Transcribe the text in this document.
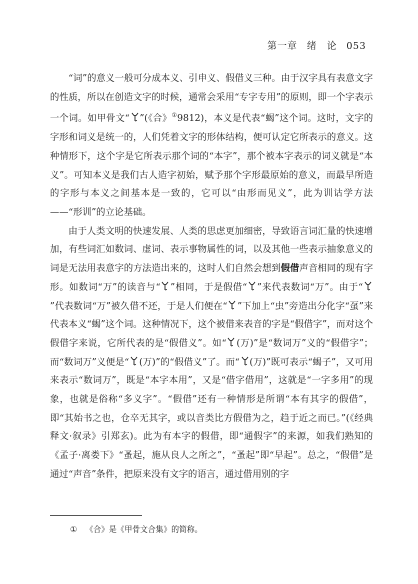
第一章 绪　论 053

“词”的意义一般可分成本义、引申义、假借义三种。由于汉字具有表意文字的性质，所以在创造文字的时候，通常会采用“专字专用”的原则，即一个字表示一个词。如甲骨文“ ”(《合》①9812)，本义是代表“蝎”这个词。这时，文字的字形和词义是统一的，人们凭着文字的形体结构，便可认定它所表示的意义。这种情形下，这个字是它所表示那个词的“本字”，那个被本字表示的词义就是“本义”。可知本义是我们古人造字初始，赋予那个字形最原始的意义，而最早所造的字形与本义之间基本是一致的，它可以“由形而见义”，此为训诂学方法——“形训”的立论基础。

由于人类文明的快速发展、人类的思虑更加细密，导致语言词汇量的快速增加，有些词汇如数词、虚词、表示事物属性的词，以及其他一些表示抽象意义的词是无法用表意字的方法造出来的，这时人们自然会想到假借声音相同的现有字形。如数词“万”的读音与“ ”相同，于是假借“ ”来代表数词“万”。由于“
”代表数词“万”被久借不还，于是人们便在“ ”下加上“虫”旁造出分化字“虿”来代表本义“蝎”这个词。这种情况下，这个被借来表音的字是“假借字”，而对这个假借字来说，它所代表的是“假借义”。如“ (万)”是“数词万”义的“假借字”；而“数词万”义便是“ (万)”的“假借义”了。而“ (万)”既可表示“蝎子”，又可用来表示“数词万”，既是“本字本用”，又是“借字借用”，这就是“一字多用”的现象，也就是俗称“多义字”。“假借”还有一种情形是所谓“本有其字的假借”，即“其始书之也，仓卒无其字，或以音类比方假借为之，趋于近之而已。”(《经典释文·叙录》引郑玄)。此为有本字的假借，即“通假字”的来源，如我们熟知的《孟子·离娄下》“蚤起，施从良人之所之”，“蚤起”即“早起”。总之，“假借”是通过“声音”条件，把原来没有文字的语言，通过借用别的字

① 《合》是《甲骨文合集》的简称。
